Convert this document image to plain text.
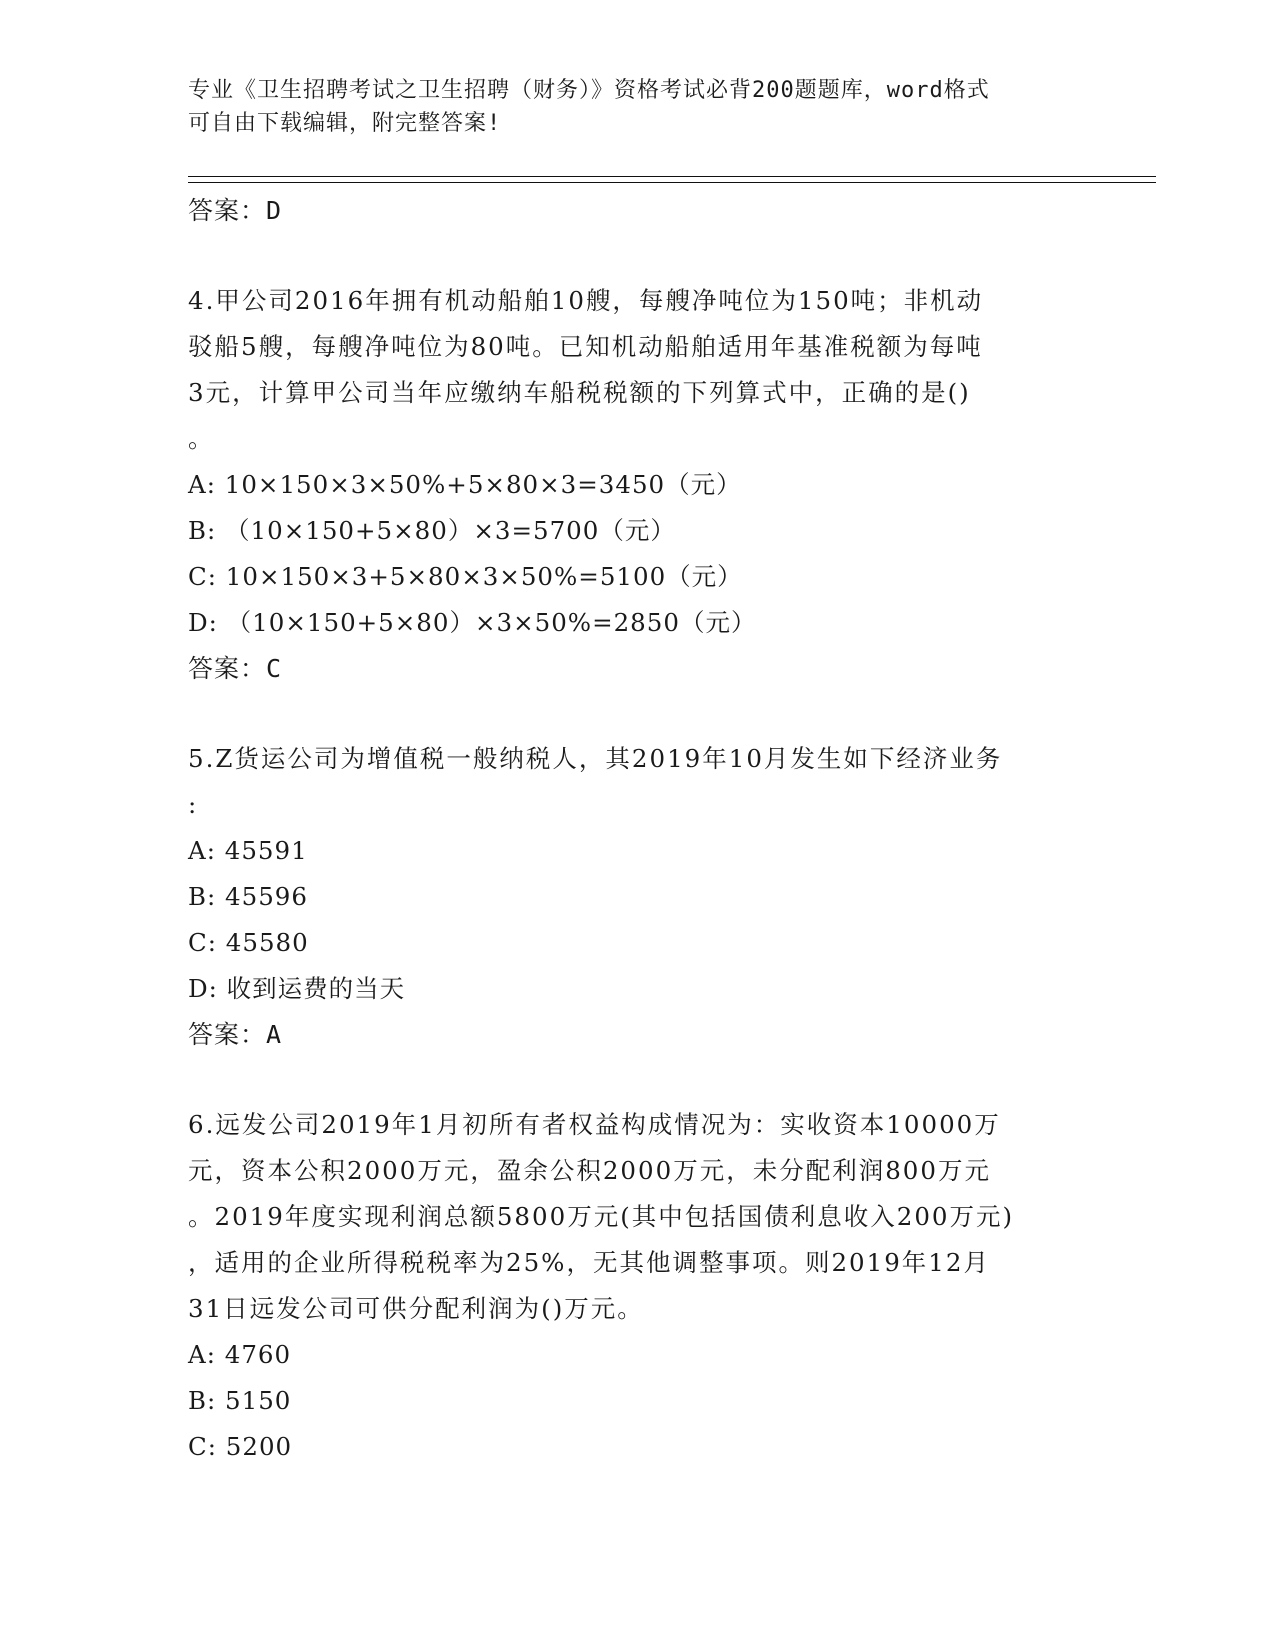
专业《卫生招聘考试之卫生招聘（财务）》资格考试必背200题题库，word格式
可自由下载编辑，附完整答案!

答案：D

4.甲公司2016年拥有机动船舶10艘，每艘净吨位为150吨；非机动

驳船5艘，每艘净吨位为80吨。已知机动船舶适用年基准税额为每吨

3元，计算甲公司当年应缴纳车船税税额的下列算式中，正确的是()

。

A: 10×150×3×50%+5×80×3=3450（元）

B: （10×150+5×80）×3=5700（元）

C: 10×150×3+5×80×3×50%=5100（元）

D: （10×150+5×80）×3×50%=2850（元）

答案：C

5.Z货运公司为增值税一般纳税人，其2019年10月发生如下经济业务

:

A: 45591

B: 45596

C: 45580

D: 收到运费的当天

答案：A

6.远发公司2019年1月初所有者权益构成情况为：实收资本10000万

元，资本公积2000万元，盈余公积2000万元，未分配利润800万元

。2019年度实现利润总额5800万元(其中包括国债利息收入200万元)

，适用的企业所得税税率为25%，无其他调整事项。则2019年12月

31日远发公司可供分配利润为()万元。

A: 4760

B: 5150

C: 5200
